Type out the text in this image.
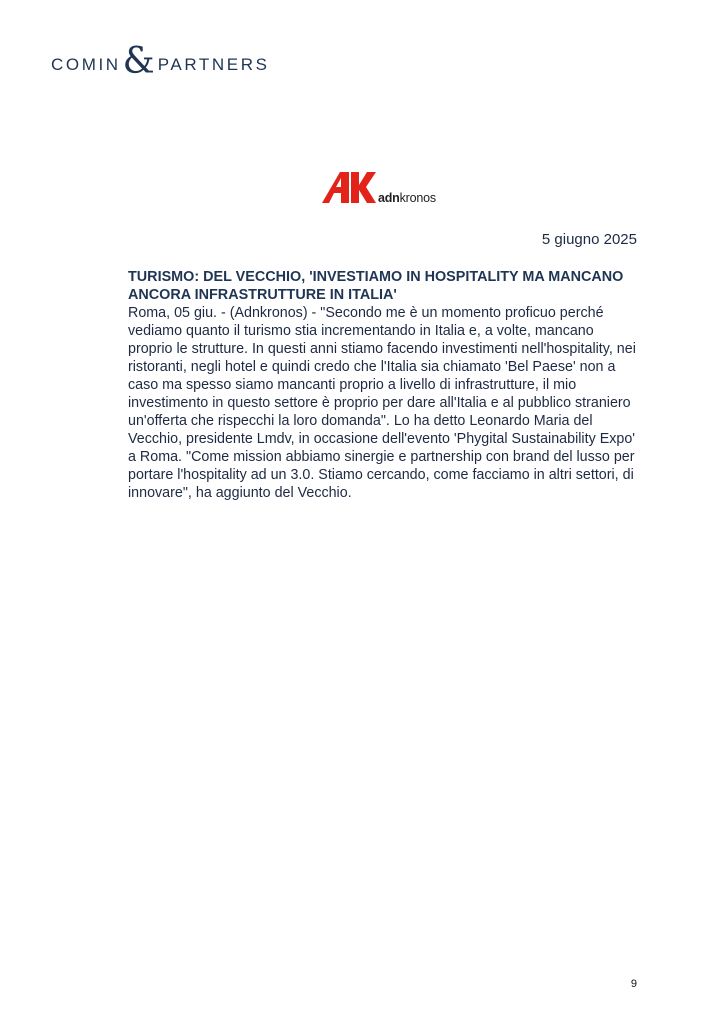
COMIN & PARTNERS
adnkronos
5 giugno 2025

TURISMO: DEL VECCHIO, 'INVESTIAMO IN HOSPITALITY MA MANCANO ANCORA INFRASTRUTTURE IN ITALIA'

Roma, 05 giu. - (Adnkronos) - "Secondo me è un momento proficuo perché vediamo quanto il turismo stia incrementando in Italia e, a volte, mancano proprio le strutture. In questi anni stiamo facendo investimenti nell'hospitality, nei ristoranti, negli hotel e quindi credo che l'Italia sia chiamato 'Bel Paese' non a caso ma spesso siamo mancanti proprio a livello di infrastrutture, il mio investimento in questo settore è proprio per dare all'Italia e al pubblico straniero un'offerta che rispecchi la loro domanda". Lo ha detto Leonardo Maria del Vecchio, presidente Lmdv, in occasione dell'evento 'Phygital Sustainability Expo' a Roma. "Come mission abbiamo sinergie e partnership con brand del lusso per portare l'hospitality ad un 3.0. Stiamo cercando, come facciamo in altri settori, di innovare", ha aggiunto del Vecchio.

9
